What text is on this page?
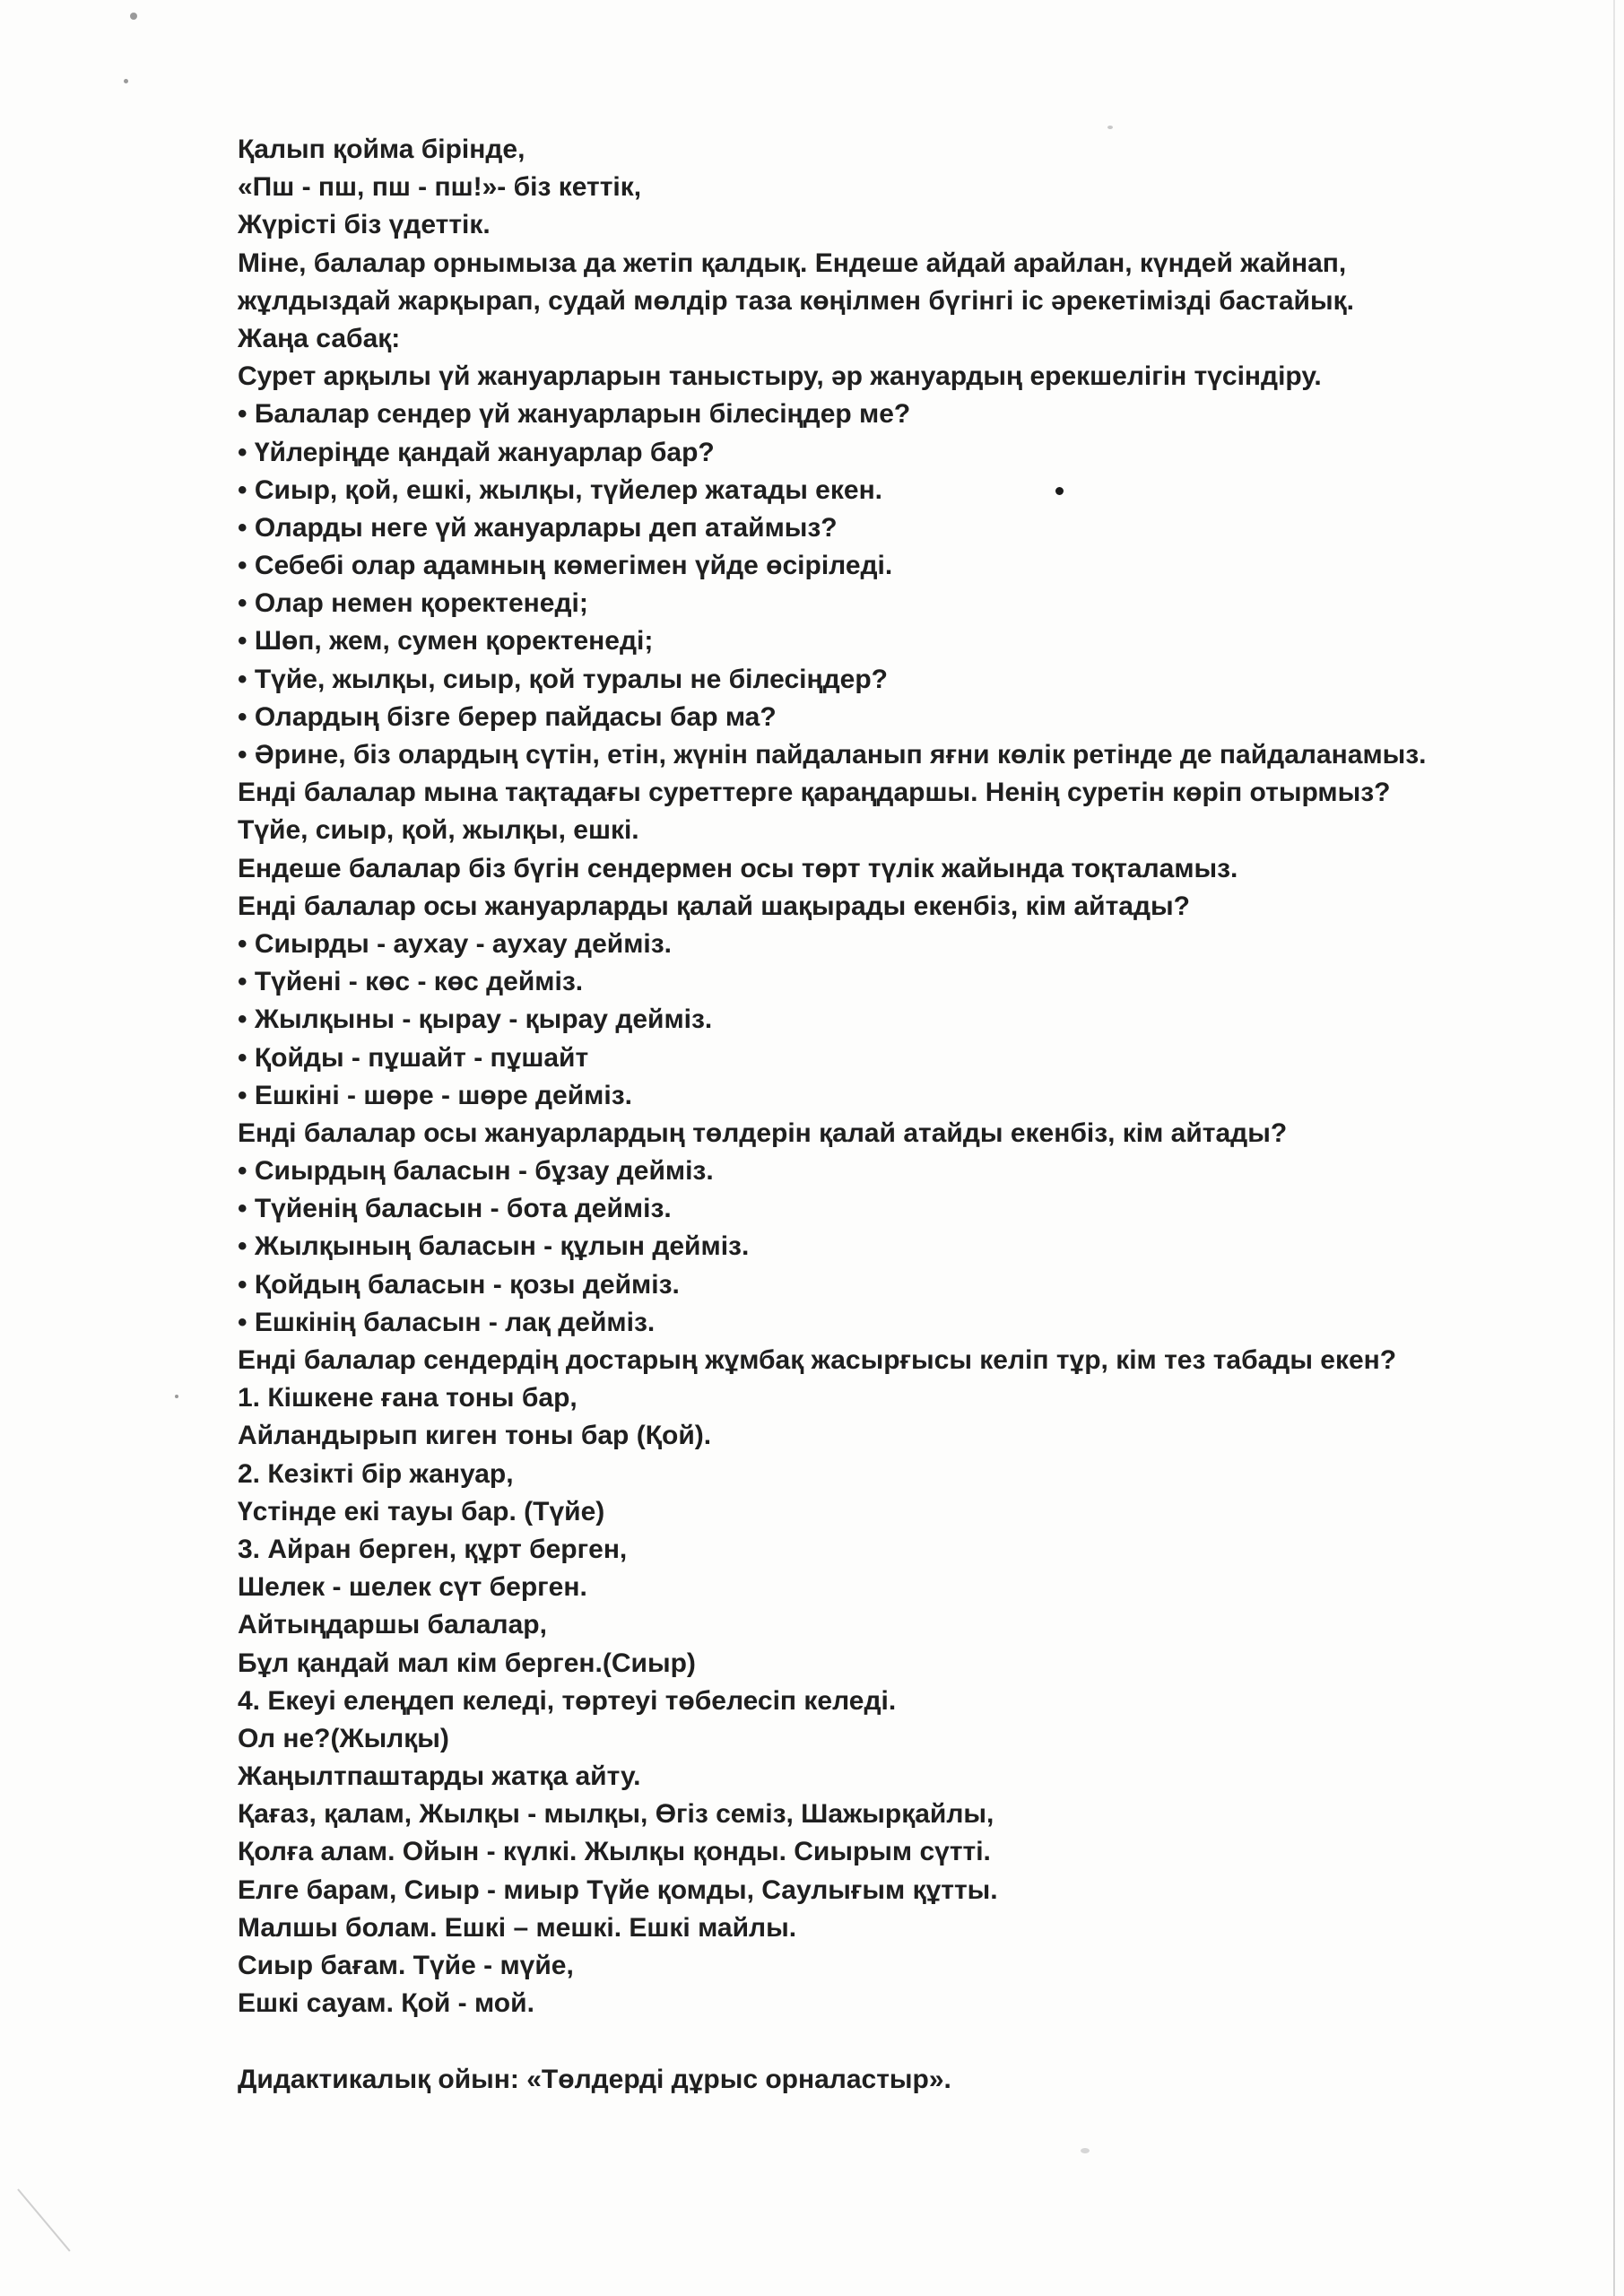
Қалып қойма бірінде,
«Пш - пш, пш - пш!»- біз кеттік,
Жүрісті біз үдеттік.
Міне, балалар орнымыза да жетіп қалдық. Ендеше айдай арайлан, күндей жайнап,
жұлдыздай жарқырап, судай мөлдір таза көңілмен бүгінгі іс әрекетімізді бастайық.
Жаңа сабақ:
Сурет арқылы үй жануарларын таныстыру, әр жануардың ерекшелігін түсіндіру.
• Балалар сендер үй жануарларын білесіңдер ме?
• Үйлеріңде қандай жануарлар бар?
• Сиыр, қой, ешкі, жылқы, түйелер жатады екен.
• Оларды неге үй жануарлары деп атаймыз?
• Себебі олар адамның көмегімен үйде өсіріледі.
• Олар немен қоректенеді;
• Шөп, жем, сумен қоректенеді;
• Түйе, жылқы, сиыр, қой туралы не білесіңдер?
• Олардың бізге берер пайдасы бар ма?
• Әрине, біз олардың сүтін, етін, жүнін пайдаланып яғни көлік ретінде де пайдаланамыз.
Енді балалар мына тақтадағы суреттерге қараңдаршы. Ненің суретін көріп отырмыз?
Түйе, сиыр, қой, жылқы, ешкі.
Ендеше балалар біз бүгін сендермен осы төрт түлік жайында тоқталамыз.
Енді балалар осы жануарларды қалай шақырады екенбіз, кім айтады?
• Сиырды - аухау - аухау дейміз.
• Түйені - көс - көс дейміз.
• Жылқыны - қырау - қырау дейміз.
• Қойды - пұшайт - пұшайт
• Ешкіні - шөре - шөре дейміз.
Енді балалар осы жануарлардың төлдерін қалай атайды екенбіз, кім айтады?
• Сиырдың баласын - бұзау дейміз.
• Түйенің баласын - бота дейміз.
• Жылқының баласын - құлын дейміз.
• Қойдың баласын - қозы дейміз.
• Ешкінің баласын - лақ дейміз.
Енді балалар сендердің достарың жұмбақ жасырғысы келіп тұр, кім тез табады екен?
1. Кішкене ғана тоны бар,
Айландырып киген тоны бар (Қой).
2. Кезікті бір жануар,
Үстінде екі тауы бар. (Түйе)
3. Айран берген, құрт берген,
Шелек - шелек сүт берген.
Айтыңдаршы балалар,
Бұл қандай мал кім берген.(Сиыр)
4. Екеуі елеңдеп келеді, төртеуі төбелесіп келеді.
Ол не?(Жылқы)
Жаңылтпаштарды жатқа айту.
Қағаз, қалам, Жылқы - мылқы, Өгіз семіз, Шажырқайлы,
Қолға алам. Ойын - күлкі. Жылқы қонды. Сиырым сүтті.
Елге барам, Сиыр - миыр Түйе қомды, Саулығым құтты.
Малшы болам. Ешкі – мешкі. Ешкі майлы.
Сиыр бағам. Түйе - мүйе,
Ешкі сауам. Қой - мой.
Дидактикалық ойын: «Төлдерді дұрыс орналастыр».
